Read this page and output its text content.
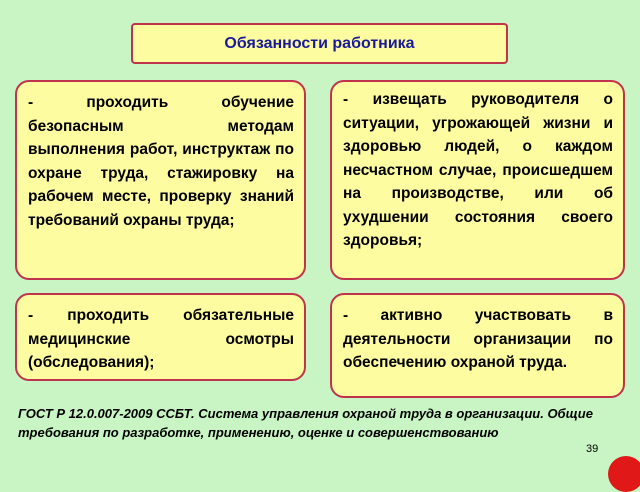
Обязанности работника
- проходить обучение безопасным методам выполнения работ, инструктаж по охране труда, стажировку на рабочем месте, проверку знаний требований охраны труда;
- извещать руководителя о ситуации, угрожающей жизни и здоровью людей, о каждом несчастном случае, происшедшем на производстве, или об ухудшении состояния своего здоровья;
- проходить обязательные медицинские осмотры (обследования);
- активно участвовать в деятельности организации по обеспечению охраной труда.
ГОСТ Р 12.0.007-2009 ССБТ. Система управления охраной труда в организации. Общие требования по разработке, применению, оценке и совершенствованию
39
